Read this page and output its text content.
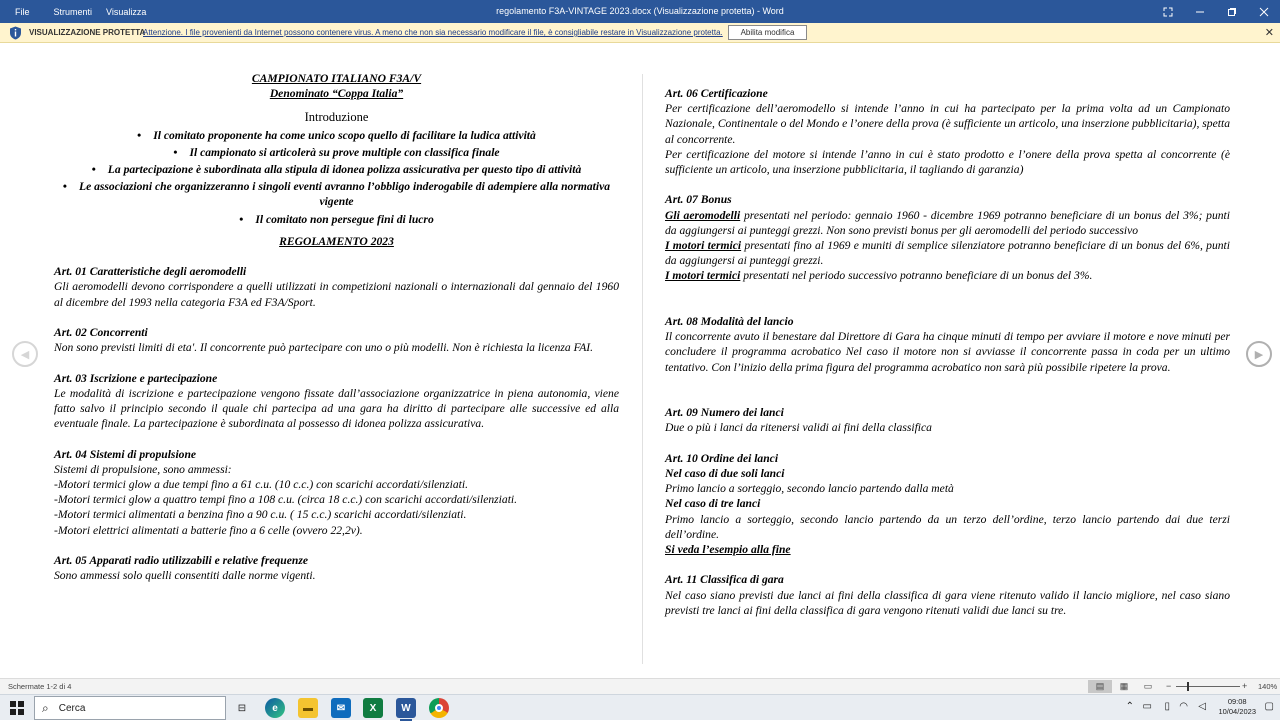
File	Strumenti	Visualizza	regolamento F3A-VINTAGE 2023.docx (Visualizzazione protetta) - Word
VISUALIZZAZIONE PROTETTA
Attenzione. I file provenienti da Internet possono contenere virus. A meno che non sia necessario modificare il file, è consigliabile restare in Visualizzazione protetta.	Abilita modifica	✕
◀	▶
CAMPIONATO ITALIANO F3A/V
Denominato “Coppa Italia”

Introduzione

• Il comitato proponente ha come unico scopo quello di facilitare la ludica attività
• Il campionato si articolerà su prove multiple con classifica finale
• La partecipazione è subordinata alla stipula di idonea polizza assicurativa per questo tipo di attività
• Le associazioni che organizzeranno i singoli eventi avranno l’obbligo inderogabile di adempiere alla normativa vigente
• Il comitato non persegue fini di lucro
REGOLAMENTO 2023

Art. 01 Caratteristiche degli aeromodelli

Gli aeromodelli devono corrispondere a quelli utilizzati in competizioni nazionali o internazionali dal gennaio del 1960 al dicembre del 1993 nella categoria F3A ed F3A/Sport.

Art. 02 Concorrenti

Non sono previsti limiti di eta'. Il concorrente può partecipare con uno o più modelli. Non è richiesta la licenza FAI.

Art. 03 Iscrizione e partecipazione

Le modalità di iscrizione e partecipazione vengono fissate dall’associazione organizzatrice in piena autonomia, viene fatto salvo il principio secondo il quale chi partecipa ad una gara ha diritto di partecipare alle successive ed alla eventuale finale. La partecipazione è subordinata al possesso di idonea polizza assicurativa.

Art. 04 Sistemi di propulsione

Sistemi di propulsione, sono ammessi:

-Motori termici glow a due tempi fino a 61 c.u. (10 c.c.) con scarichi accordati/silenziati.

-Motori termici glow a quattro tempi fino a 108 c.u. (circa 18 c.c.) con scarichi accordati/silenziati.

-Motori termici alimentati a benzina fino a 90 c.u. ( 15 c.c.) scarichi accordati/silenziati.

-Motori elettrici alimentati a batterie fino a 6 celle (ovvero 22,2v).

Art. 05 Apparati radio utilizzabili e relative frequenze

Sono ammessi solo quelli consentiti dalle norme vigenti.

Art. 06 Certificazione

Per certificazione dell’aeromodello si intende l’anno in cui ha partecipato per la prima volta ad un Campionato Nazionale, Continentale o del Mondo e l’onere della prova (è sufficiente un articolo, una inserzione pubblicitaria), spetta al concorrente.

Per certificazione del motore si intende l’anno in cui è stato prodotto e l’onere della prova spetta al concorrente (è sufficiente un articolo, una inserzione pubblicitaria, il tagliando di garanzia)

Art. 07 Bonus

Gli aeromodelli presentati nel periodo: gennaio 1960 - dicembre 1969 potranno beneficiare di un bonus del 3%; punti da aggiungersi ai punteggi grezzi. Non sono previsti bonus per gli aeromodelli del periodo successivo

I motori termici presentati fino al 1969 e muniti di semplice silenziatore potranno beneficiare di un bonus del 6%, punti da aggiungersi ai punteggi grezzi.

I motori termici presentati nel periodo successivo potranno beneficiare di un bonus del 3%.

Art. 08 Modalità del lancio

Il concorrente avuto il benestare dal Direttore di Gara ha cinque minuti di tempo per avviare il motore e nove minuti per concludere il programma acrobatico Nel caso il motore non si avviasse il concorrente passa in coda per un ultimo tentativo. Con l’inizio della prima figura del programma acrobatico non sarà più possibile ripetere la prova.

Art. 09 Numero dei lanci

Due o più i lanci da ritenersi validi ai fini della classifica

Art. 10 Ordine dei lanci

Nel caso di due soli lanci

Primo lancio a sorteggio, secondo lancio partendo dalla metà

Nel caso di tre lanci

Primo lancio a sorteggio, secondo lancio partendo da un terzo dell’ordine, terzo lancio partendo dai due terzi dell’ordine.

Si veda l’esempio alla fine

Art. 11 Classifica di gara

Nel caso siano previsti due lanci ai fini della classifica di gara viene ritenuto valido il lancio migliore, nel caso siano previsti tre lanci ai fini della classifica di gara vengono ritenuti validi due lanci su tre.

Schermate 1-2 di 4	▤	▦	▭	−	+ 140%
⌕ Cerca	⊟	e	▬	✉	X	W	⌃ ▭ ▯ ◠ ◁	09:08
10/04/2023 ▢
